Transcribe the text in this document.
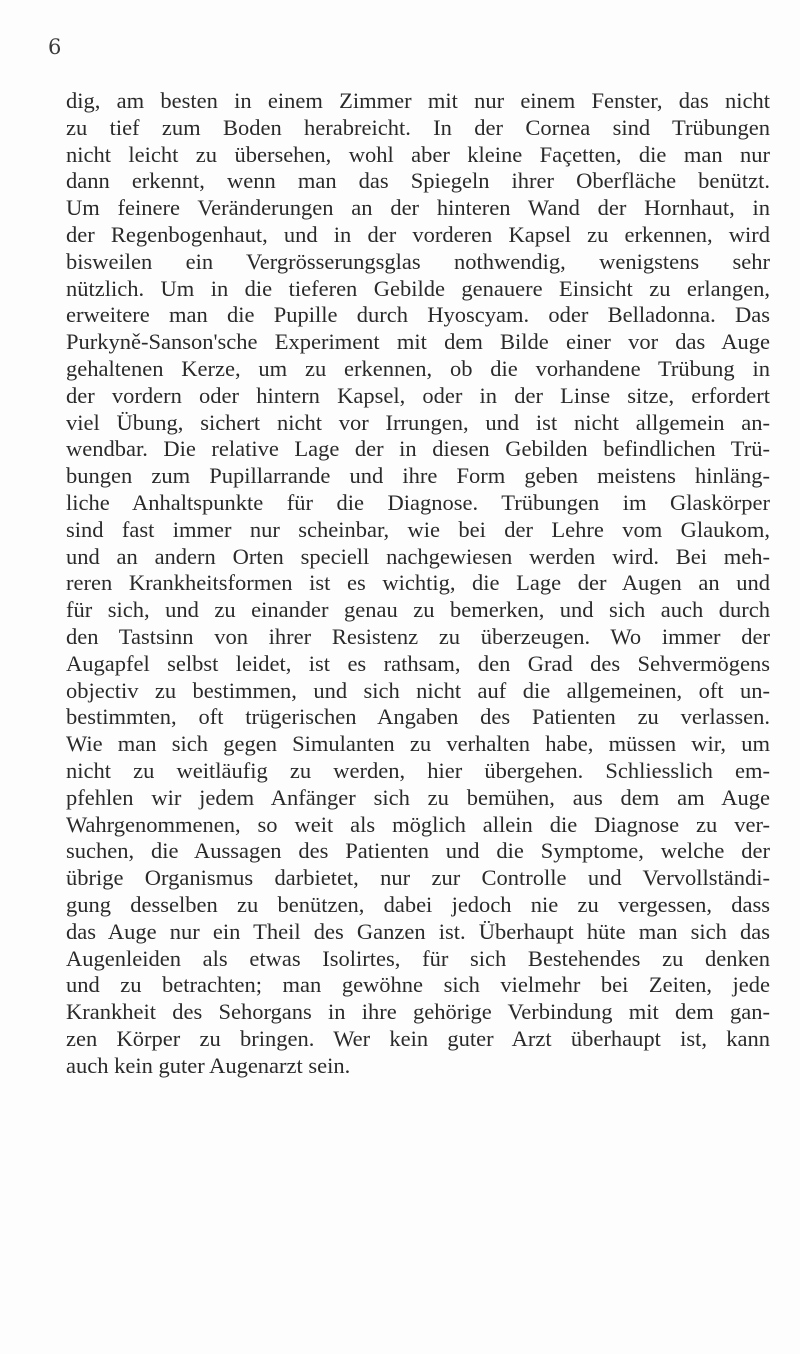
6

dig, am besten in einem Zimmer mit nur einem Fenster, das nicht
zu tief zum Boden herabreicht. In der Cornea sind Trübungen
nicht leicht zu übersehen, wohl aber kleine Façetten, die man nur
dann erkennt, wenn man das Spiegeln ihrer Oberfläche benützt.
Um feinere Veränderungen an der hinteren Wand der Hornhaut, in
der Regenbogenhaut, und in der vorderen Kapsel zu erkennen, wird
bisweilen ein Vergrösserungsglas nothwendig, wenigstens sehr
nützlich. Um in die tieferen Gebilde genauere Einsicht zu erlangen,
erweitere man die Pupille durch Hyoscyam. oder Belladonna. Das
Purkyně-Sanson'sche Experiment mit dem Bilde einer vor das Auge
gehaltenen Kerze, um zu erkennen, ob die vorhandene Trübung in
der vordern oder hintern Kapsel, oder in der Linse sitze, erfordert
viel Übung, sichert nicht vor Irrungen, und ist nicht allgemein an-
wendbar. Die relative Lage der in diesen Gebilden befindlichen Trü-
bungen zum Pupillarrande und ihre Form geben meistens hinläng-
liche Anhaltspunkte für die Diagnose. Trübungen im Glaskörper
sind fast immer nur scheinbar, wie bei der Lehre vom Glaukom,
und an andern Orten speciell nachgewiesen werden wird. Bei meh-
reren Krankheitsformen ist es wichtig, die Lage der Augen an und
für sich, und zu einander genau zu bemerken, und sich auch durch
den Tastsinn von ihrer Resistenz zu überzeugen. Wo immer der
Augapfel selbst leidet, ist es rathsam, den Grad des Sehvermögens
objectiv zu bestimmen, und sich nicht auf die allgemeinen, oft un-
bestimmten, oft trügerischen Angaben des Patienten zu verlassen.
Wie man sich gegen Simulanten zu verhalten habe, müssen wir, um
nicht zu weitläufig zu werden, hier übergehen. Schliesslich em-
pfehlen wir jedem Anfänger sich zu bemühen, aus dem am Auge
Wahrgenommenen, so weit als möglich allein die Diagnose zu ver-
suchen, die Aussagen des Patienten und die Symptome, welche der
übrige Organismus darbietet, nur zur Controlle und Vervollständi-
gung desselben zu benützen, dabei jedoch nie zu vergessen, dass
das Auge nur ein Theil des Ganzen ist. Überhaupt hüte man sich das
Augenleiden als etwas Isolirtes, für sich Bestehendes zu denken
und zu betrachten; man gewöhne sich vielmehr bei Zeiten, jede
Krankheit des Sehorgans in ihre gehörige Verbindung mit dem gan-
zen Körper zu bringen. Wer kein guter Arzt überhaupt ist, kann
auch kein guter Augenarzt sein.
